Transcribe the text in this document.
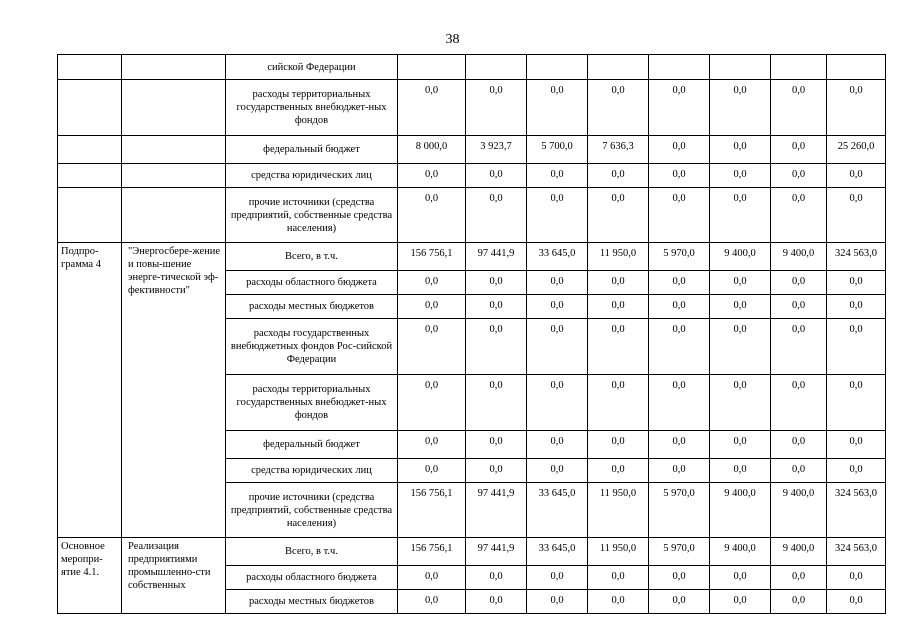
38
		сийской Федерации								
		расходы территориальных государственных внебюджет-ных фондов	0,0	0,0	0,0	0,0	0,0	0,0	0,0	0,0
		федеральный бюджет	8 000,0	3 923,7	5 700,0	7 636,3	0,0	0,0	0,0	25 260,0
		средства юридических лиц	0,0	0,0	0,0	0,0	0,0	0,0	0,0	0,0
		прочие источники (средства предприятий, собственные средства населения)	0,0	0,0	0,0	0,0	0,0	0,0	0,0	0,0
Подпро-грамма 4	"Энергосбере-жение и повы-шение энерге-тической эф-фективности"	Всего, в т.ч.	156 756,1	97 441,9	33 645,0	11 950,0	5 970,0	9 400,0	9 400,0	324 563,0
		расходы областного бюджета	0,0	0,0	0,0	0,0	0,0	0,0	0,0	0,0
		расходы местных бюджетов	0,0	0,0	0,0	0,0	0,0	0,0	0,0	0,0
		расходы государственных внебюджетных фондов Рос-сийской Федерации	0,0	0,0	0,0	0,0	0,0	0,0	0,0	0,0
		расходы территориальных государственных внебюджет-ных фондов	0,0	0,0	0,0	0,0	0,0	0,0	0,0	0,0
		федеральный бюджет	0,0	0,0	0,0	0,0	0,0	0,0	0,0	0,0
		средства юридических лиц	0,0	0,0	0,0	0,0	0,0	0,0	0,0	0,0
		прочие источники (средства предприятий, собственные средства населения)	156 756,1	97 441,9	33 645,0	11 950,0	5 970,0	9 400,0	9 400,0	324 563,0
Основное меропри-ятие 4.1.	Реализация предприятиями промышленно-сти собственных	Всего, в т.ч.	156 756,1	97 441,9	33 645,0	11 950,0	5 970,0	9 400,0	9 400,0	324 563,0
		расходы областного бюджета	0,0	0,0	0,0	0,0	0,0	0,0	0,0	0,0
		расходы местных бюджетов	0,0	0,0	0,0	0,0	0,0	0,0	0,0	0,0
